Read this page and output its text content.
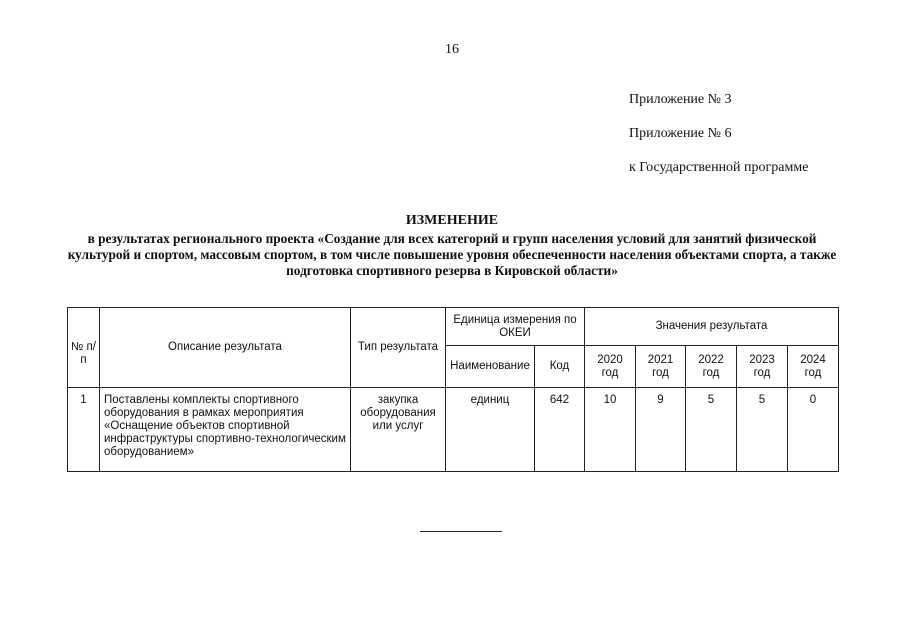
16
Приложение № 3
Приложение № 6
к Государственной программе
ИЗМЕНЕНИЕ
в результатах регионального проекта «Создание для всех категорий и групп населения условий для занятий физической культурой и спортом, массовым спортом, в том числе повышение уровня обеспеченности населения объектами спорта, а также подготовка спортивного резерва в Кировской области»
№ п/п	Описание результата	Тип результата	Единица измерения по ОКЕИ		Значения результата				
			Наименование	Код	2020 год	2021 год	2022 год	2023 год	2024 год
1	Поставлены комплекты спортивного оборудования в рамках мероприятия «Оснащение объектов спортивной инфраструктуры спортивно-технологическим оборудованием»	закупка оборудования или услуг	единиц	642	10	9	5	5	0
